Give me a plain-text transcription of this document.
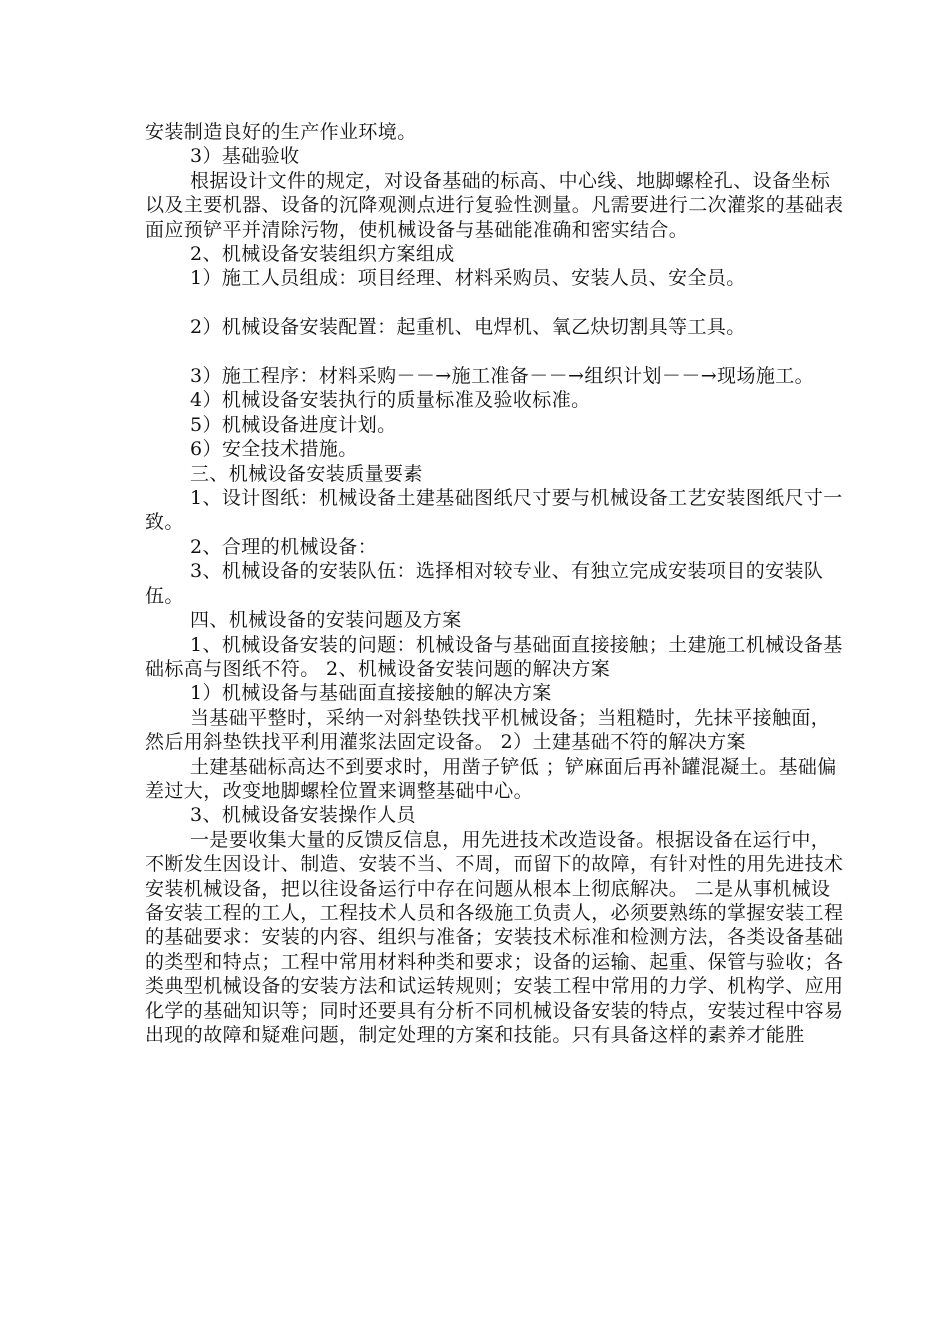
安装制造良好的生产作业环境。

3）基础验收

根据设计文件的规定，对设备基础的标高、中心线、地脚螺栓孔、设备坐标以及主要机器、设备的沉降观测点进行复验性测量。凡需要进行二次灌浆的基础表面应预铲平并清除污物，使机械设备与基础能准确和密实结合。

2、机械设备安装组织方案组成

1）施工人员组成：项目经理、材料采购员、安装人员、安全员。

2）机械设备安装配置：起重机、电焊机、氧乙炔切割具等工具。

3）施工程序：材料采购－－→施工准备－－→组织计划－－→现场施工。

4）机械设备安装执行的质量标准及验收标准。

5）机械设备进度计划。

6）安全技术措施。

三、机械设备安装质量要素

1、设计图纸：机械设备土建基础图纸尺寸要与机械设备工艺安装图纸尺寸一致。

2、合理的机械设备：

3、机械设备的安装队伍：选择相对较专业、有独立完成安装项目的安装队伍。

四、机械设备的安装问题及方案

1、机械设备安装的问题：机械设备与基础面直接接触；土建施工机械设备基础标高与图纸不符。 2、机械设备安装问题的解决方案

1）机械设备与基础面直接接触的解决方案

当基础平整时，采纳一对斜垫铁找平机械设备；当粗糙时，先抹平接触面，然后用斜垫铁找平利用灌浆法固定设备。 2）土建基础不符的解决方案

土建基础标高达不到要求时，用凿子铲低 ；铲麻面后再补罐混凝土。基础偏差过大，改变地脚螺栓位置来调整基础中心。

3、机械设备安装操作人员

一是要收集大量的反馈反信息，用先进技术改造设备。根据设备在运行中，不断发生因设计、制造、安装不当、不周，而留下的故障，有针对性的用先进技术安装机械设备，把以往设备运行中存在问题从根本上彻底解决。 二是从事机械设备安装工程的工人，工程技术人员和各级施工负责人，必须要熟练的掌握安装工程的基础要求：安装的内容、组织与准备；安装技术标准和检测方法，各类设备基础的类型和特点；工程中常用材料种类和要求；设备的运输、起重、保管与验收；各类典型机械设备的安装方法和试运转规则；安装工程中常用的力学、机构学、应用化学的基础知识等；同时还要具有分析不同机械设备安装的特点，安装过程中容易出现的故障和疑难问题，制定处理的方案和技能。只有具备这样的素养才能胜
